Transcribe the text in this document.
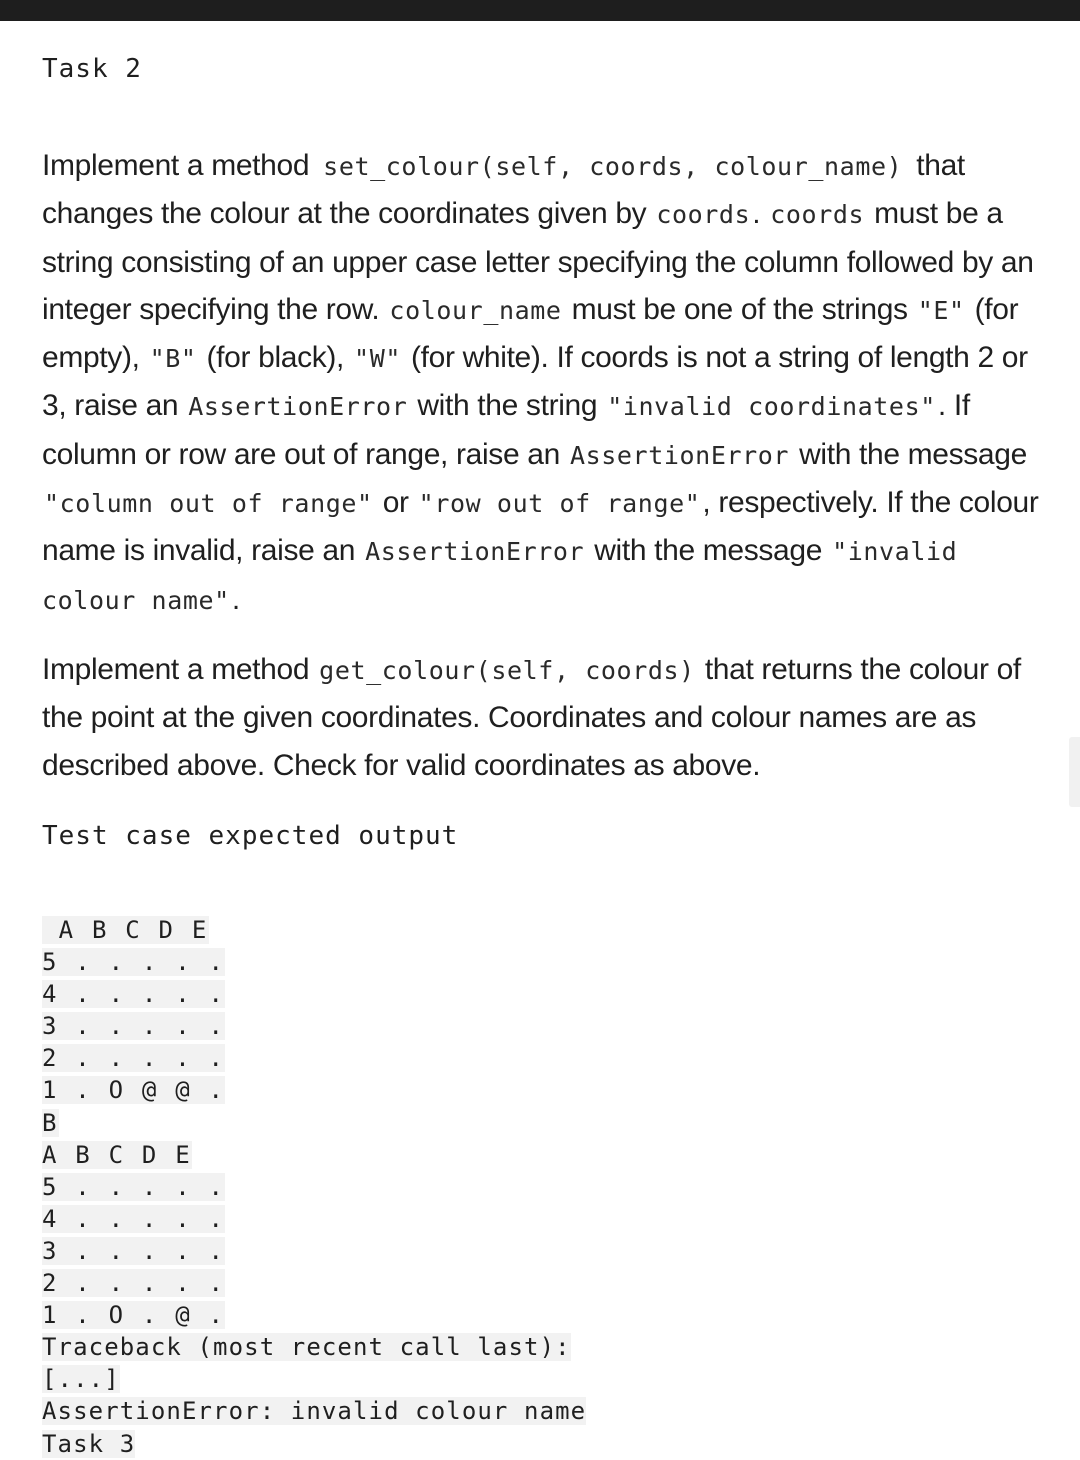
Task 2
Implement a method set_colour(self, coords, colour_name) that changes the colour at the coordinates given by coords. coords must be a string consisting of an upper case letter specifying the column followed by an integer specifying the row. colour_name must be one of the strings "E" (for empty), "B" (for black), "W" (for white). If coords is not a string of length 2 or 3, raise an AssertionError with the string "invalid coordinates". If column or row are out of range, raise an AssertionError with the message "column out of range" or "row out of range", respectively. If the colour name is invalid, raise an AssertionError with the message "invalid colour name".
Implement a method get_colour(self, coords) that returns the colour of the point at the given coordinates. Coordinates and colour names are as described above. Check for valid coordinates as above.
Test case expected output
A B C D E
5 . . . . .
4 . . . . .
3 . . . . .
2 . . . . .
1 . O @ @ .
B
A B C D E
5 . . . . .
4 . . . . .
3 . . . . .
2 . . . . .
1 . O . @ .
Traceback (most recent call last):
[...]
AssertionError: invalid colour name
Task 3
